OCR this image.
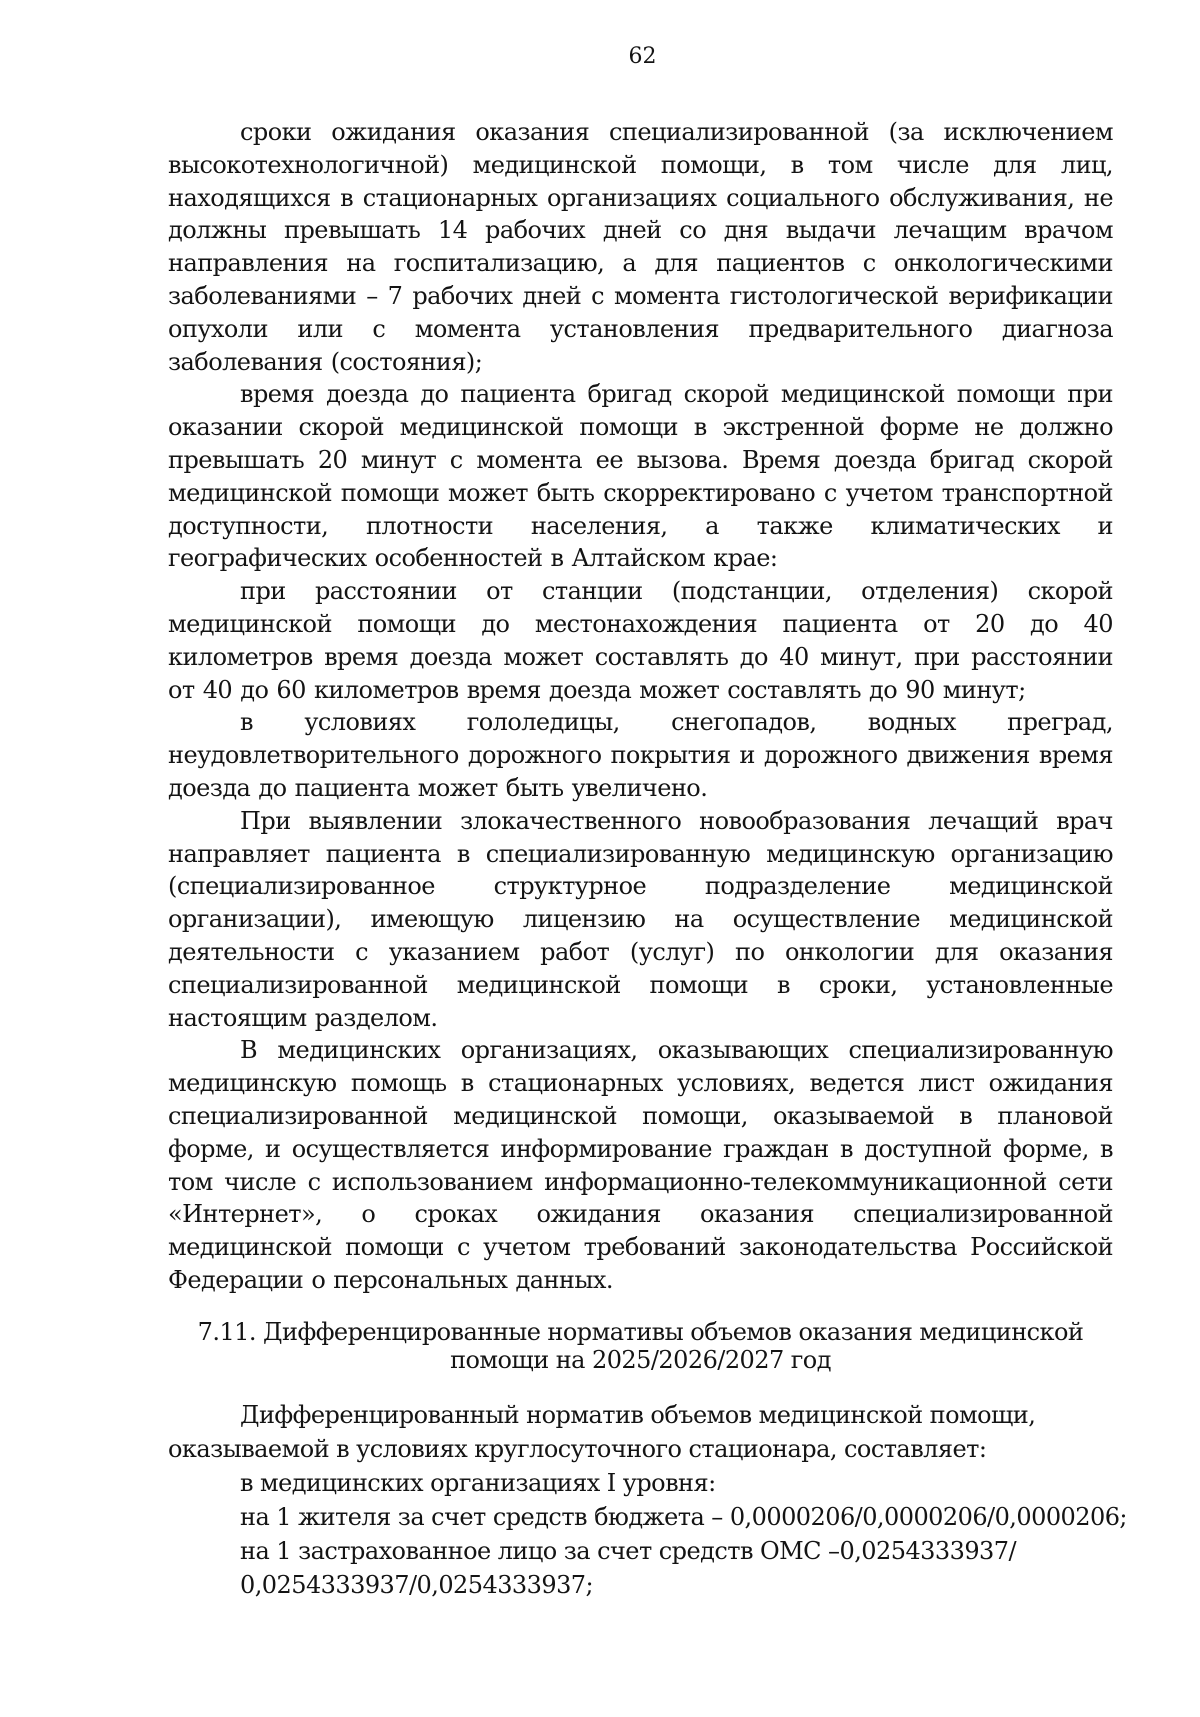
62

сроки ожидания оказания специализированной (за исключением высокотехнологичной) медицинской помощи, в том числе для лиц, находящихся в стационарных организациях социального обслуживания, не должны превышать 14 рабочих дней со дня выдачи лечащим врачом направления на госпитализацию, а для пациентов с онкологическими заболеваниями – 7 рабочих дней с момента гистологической верификации опухоли или с момента установления предварительного диагноза заболевания (состояния);

время доезда до пациента бригад скорой медицинской помощи при оказании скорой медицинской помощи в экстренной форме не должно превышать 20 минут с момента ее вызова. Время доезда бригад скорой медицинской помощи может быть скорректировано с учетом транспортной доступности, плотности населения, а также климатических и географических особенностей в Алтайском крае:

при расстоянии от станции (подстанции, отделения) скорой медицинской помощи до местонахождения пациента от 20 до 40 километров время доезда может составлять до 40 минут, при расстоянии от 40 до 60 километров время доезда может составлять до 90 минут;

в условиях гололедицы, снегопадов, водных преград, неудовлетворительного дорожного покрытия и дорожного движения время доезда до пациента может быть увеличено.

При выявлении злокачественного новообразования лечащий врач направляет пациента в специализированную медицинскую организацию (специализированное структурное подразделение медицинской организации), имеющую лицензию на осуществление медицинской деятельности с указанием работ (услуг) по онкологии для оказания специализированной медицинской помощи в сроки, установленные настоящим разделом.

В медицинских организациях, оказывающих специализированную медицинскую помощь в стационарных условиях, ведется лист ожидания специализированной медицинской помощи, оказываемой в плановой форме, и осуществляется информирование граждан в доступной форме, в том числе с использованием информационно-телекоммуникационной сети «Интернет», о сроках ожидания оказания специализированной медицинской помощи с учетом требований законодательства Российской Федерации о персональных данных.

7.11. Дифференцированные нормативы объемов оказания медицинской
помощи на 2025/2026/2027 год
Дифференцированный норматив объемов медицинской помощи,
оказываемой в условиях круглосуточного стационара, составляет:
в медицинских организациях I уровня:
на 1 жителя за счет средств бюджета – 0,0000206/0,0000206/0,0000206;
на 1 застрахованное лицо за счет средств ОМС –0,0254333937/
0,0254333937/0,0254333937;
